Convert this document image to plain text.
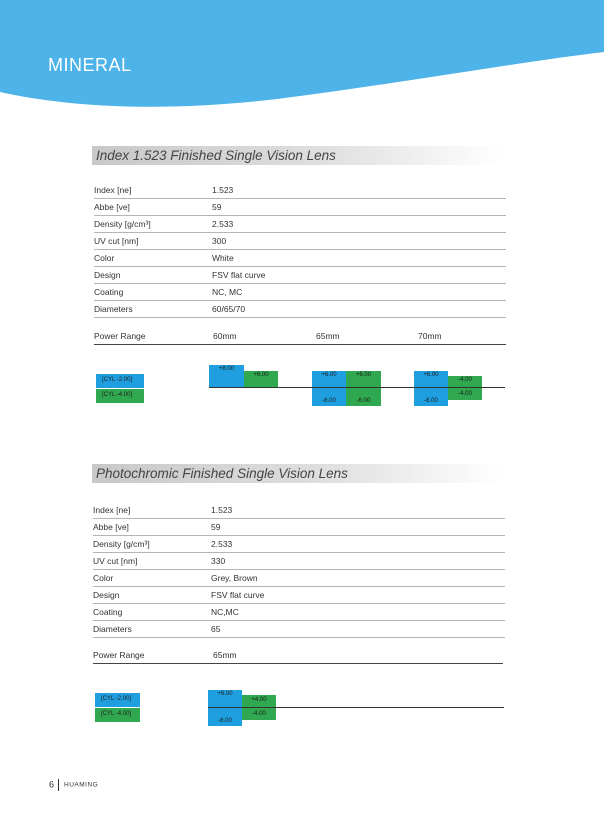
MINERAL
Index 1.523 Finished Single Vision Lens
Index [ne]	1.523
Abbe [ve]	59
Density [g/cm³]	2.533
UV cut [nm]	300
Color	White
Design	FSV flat curve
Coating	NC, MC
Diameters	60/65/70
Power Range	60mm	65mm	70mm
[CYL -2.00]
[CYL -4.00]
+8.00
+6.00	+6.00	+6.00
-6.00	-6.00
+6.00
-4.00
-6.00
-4.00
Photochromic Finished Single Vision Lens
Index [ne]	1.523
Abbe [ve]	59
Density [g/cm³]	2.533
UV cut [nm]	330
Color	Grey, Brown
Design	FSV flat curve
Coating	NC,MC
Diameters	65
Power Range	65mm
[CYL -2.00]
[CYL -4.00]
+6.00
+4.00
-6.00
-4.00
6 HUAMING
